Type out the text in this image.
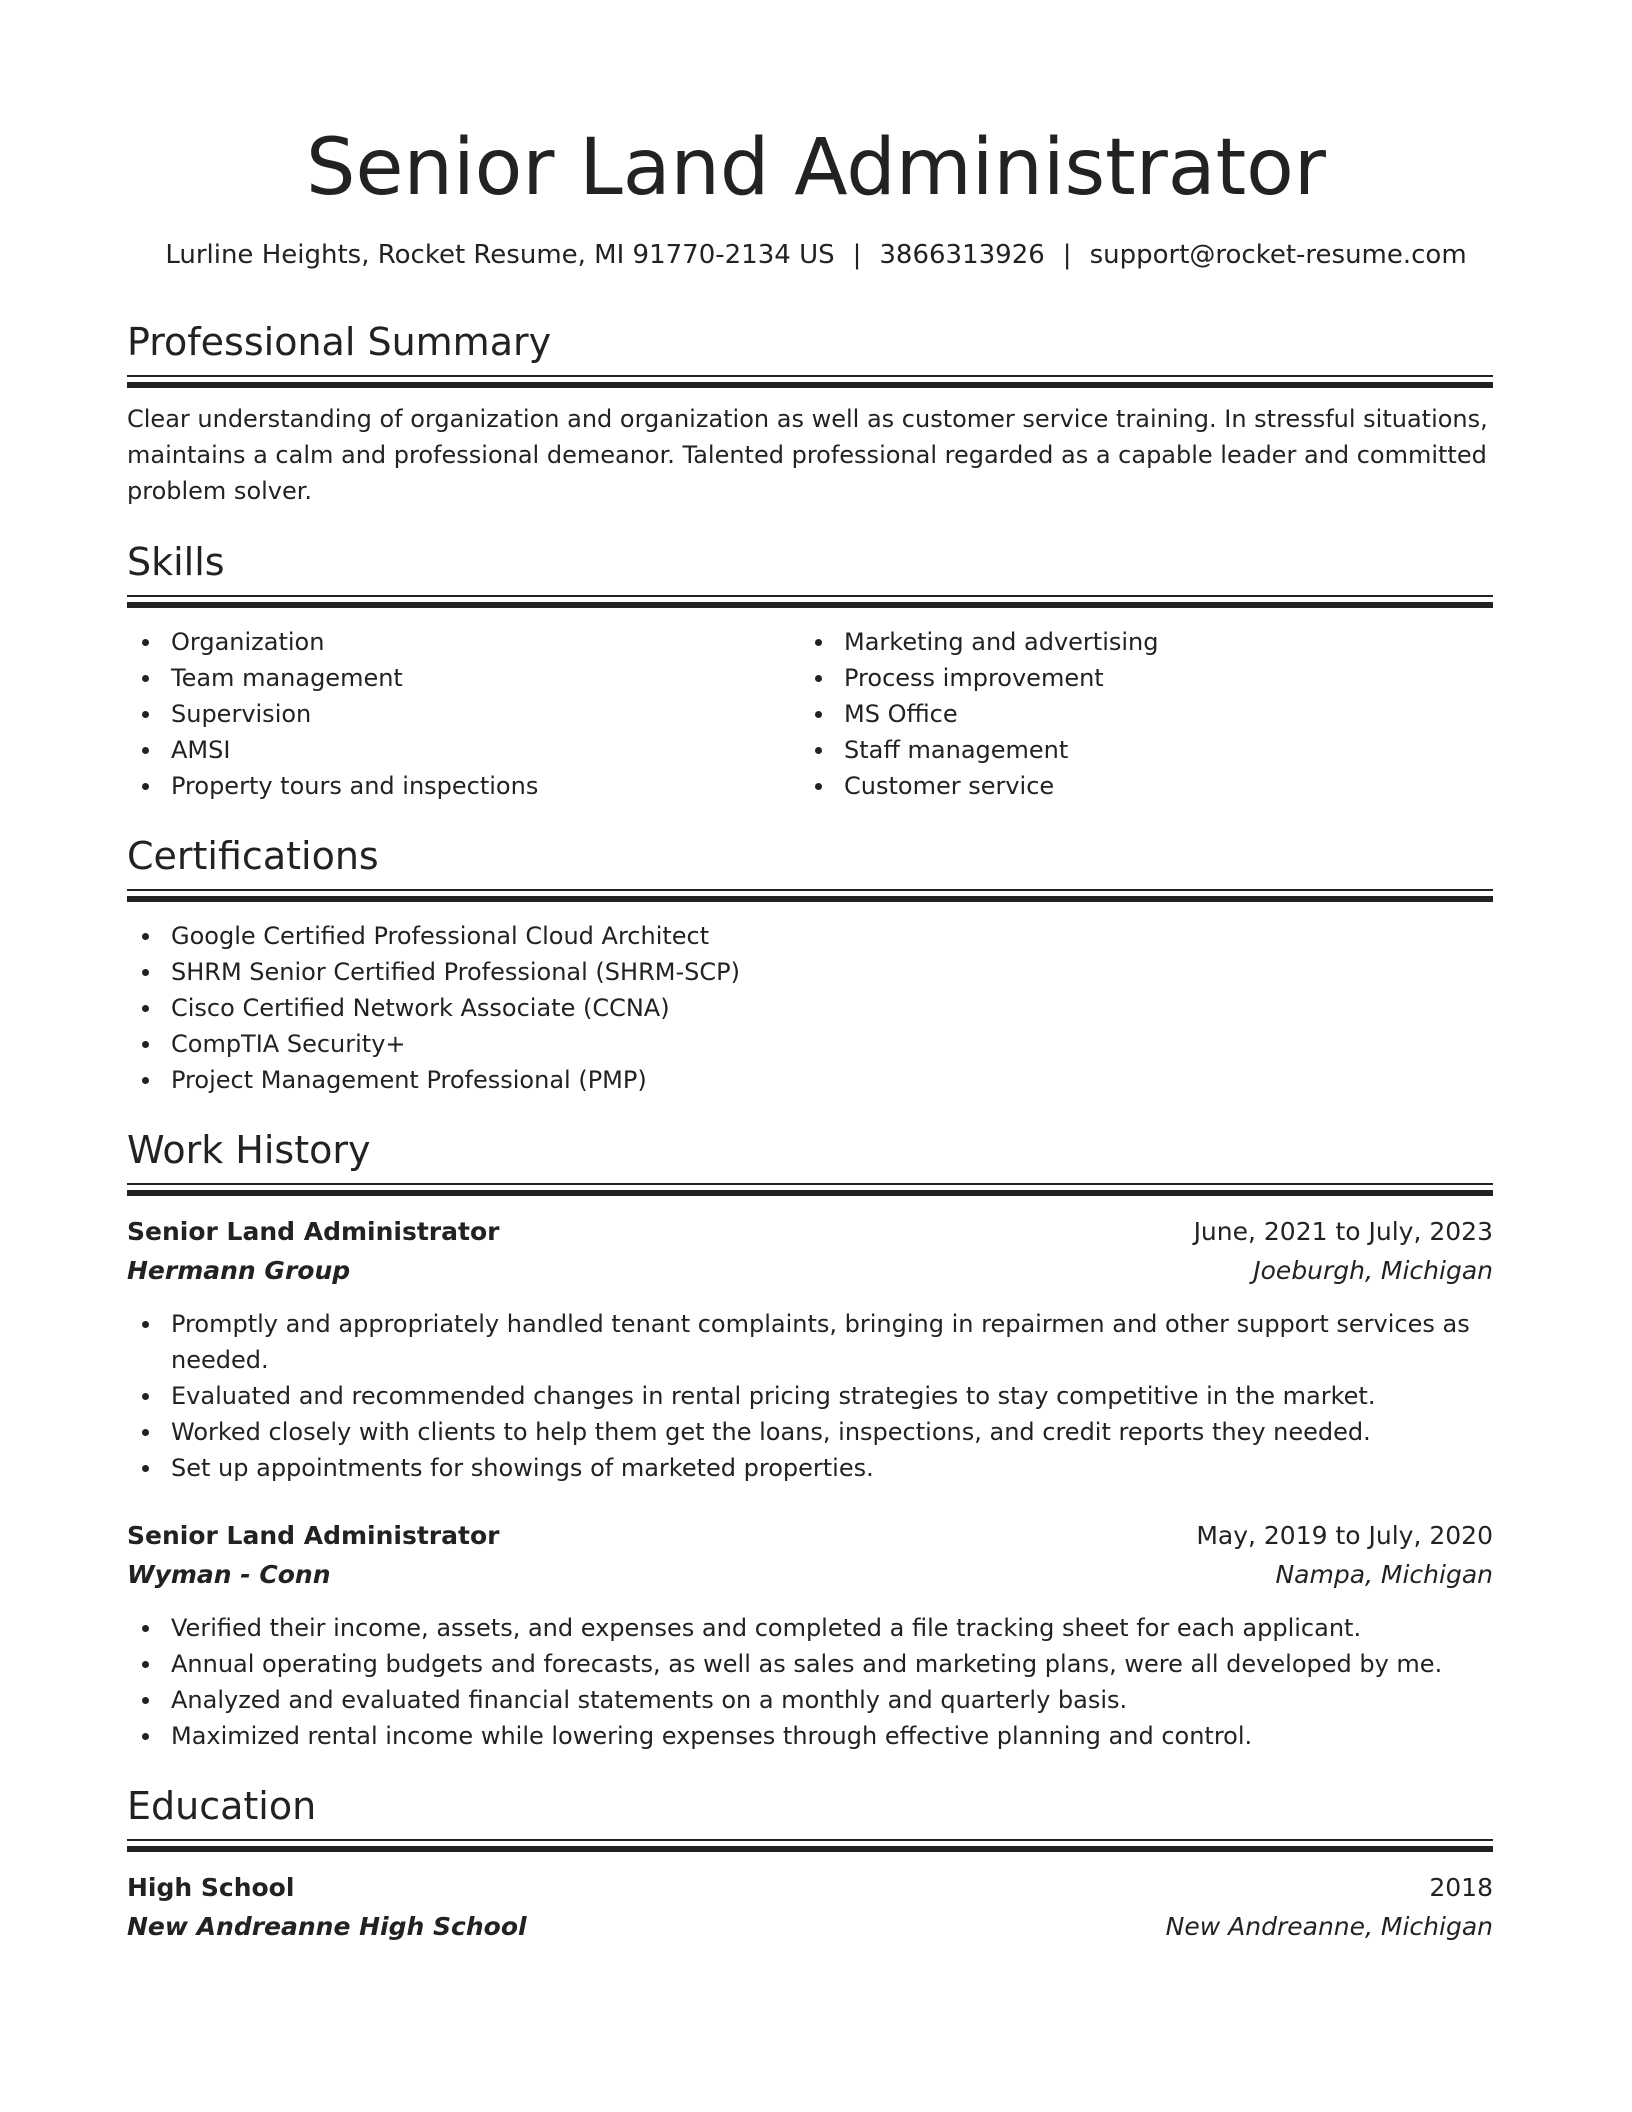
Senior Land Administrator
Lurline Heights, Rocket Resume, MI 91770-2134 US | 3866313926 | support@rocket-resume.com
Professional Summary
Clear understanding of organization and organization as well as customer service training. In stressful situations,
maintains a calm and professional demeanor. Talented professional regarded as a capable leader and committed
problem solver.
Skills
Organization
Team management
Supervision
AMSI
Property tours and inspections
Marketing and advertising
Process improvement
MS Office
Staff management
Customer service
Certifications
Google Certified Professional Cloud Architect
SHRM Senior Certified Professional (SHRM-SCP)
Cisco Certified Network Associate (CCNA)
CompTIA Security+
Project Management Professional (PMP)
Work History
Senior Land Administrator	June, 2021 to July, 2023
Hermann Group	Joeburgh, Michigan
Promptly and appropriately handled tenant complaints, bringing in repairmen and other support services as
needed.
Evaluated and recommended changes in rental pricing strategies to stay competitive in the market.
Worked closely with clients to help them get the loans, inspections, and credit reports they needed.
Set up appointments for showings of marketed properties.
Senior Land Administrator	May, 2019 to July, 2020
Wyman - Conn	Nampa, Michigan
Verified their income, assets, and expenses and completed a file tracking sheet for each applicant.
Annual operating budgets and forecasts, as well as sales and marketing plans, were all developed by me.
Analyzed and evaluated financial statements on a monthly and quarterly basis.
Maximized rental income while lowering expenses through effective planning and control.
Education
High School	2018
New Andreanne High School	New Andreanne, Michigan
